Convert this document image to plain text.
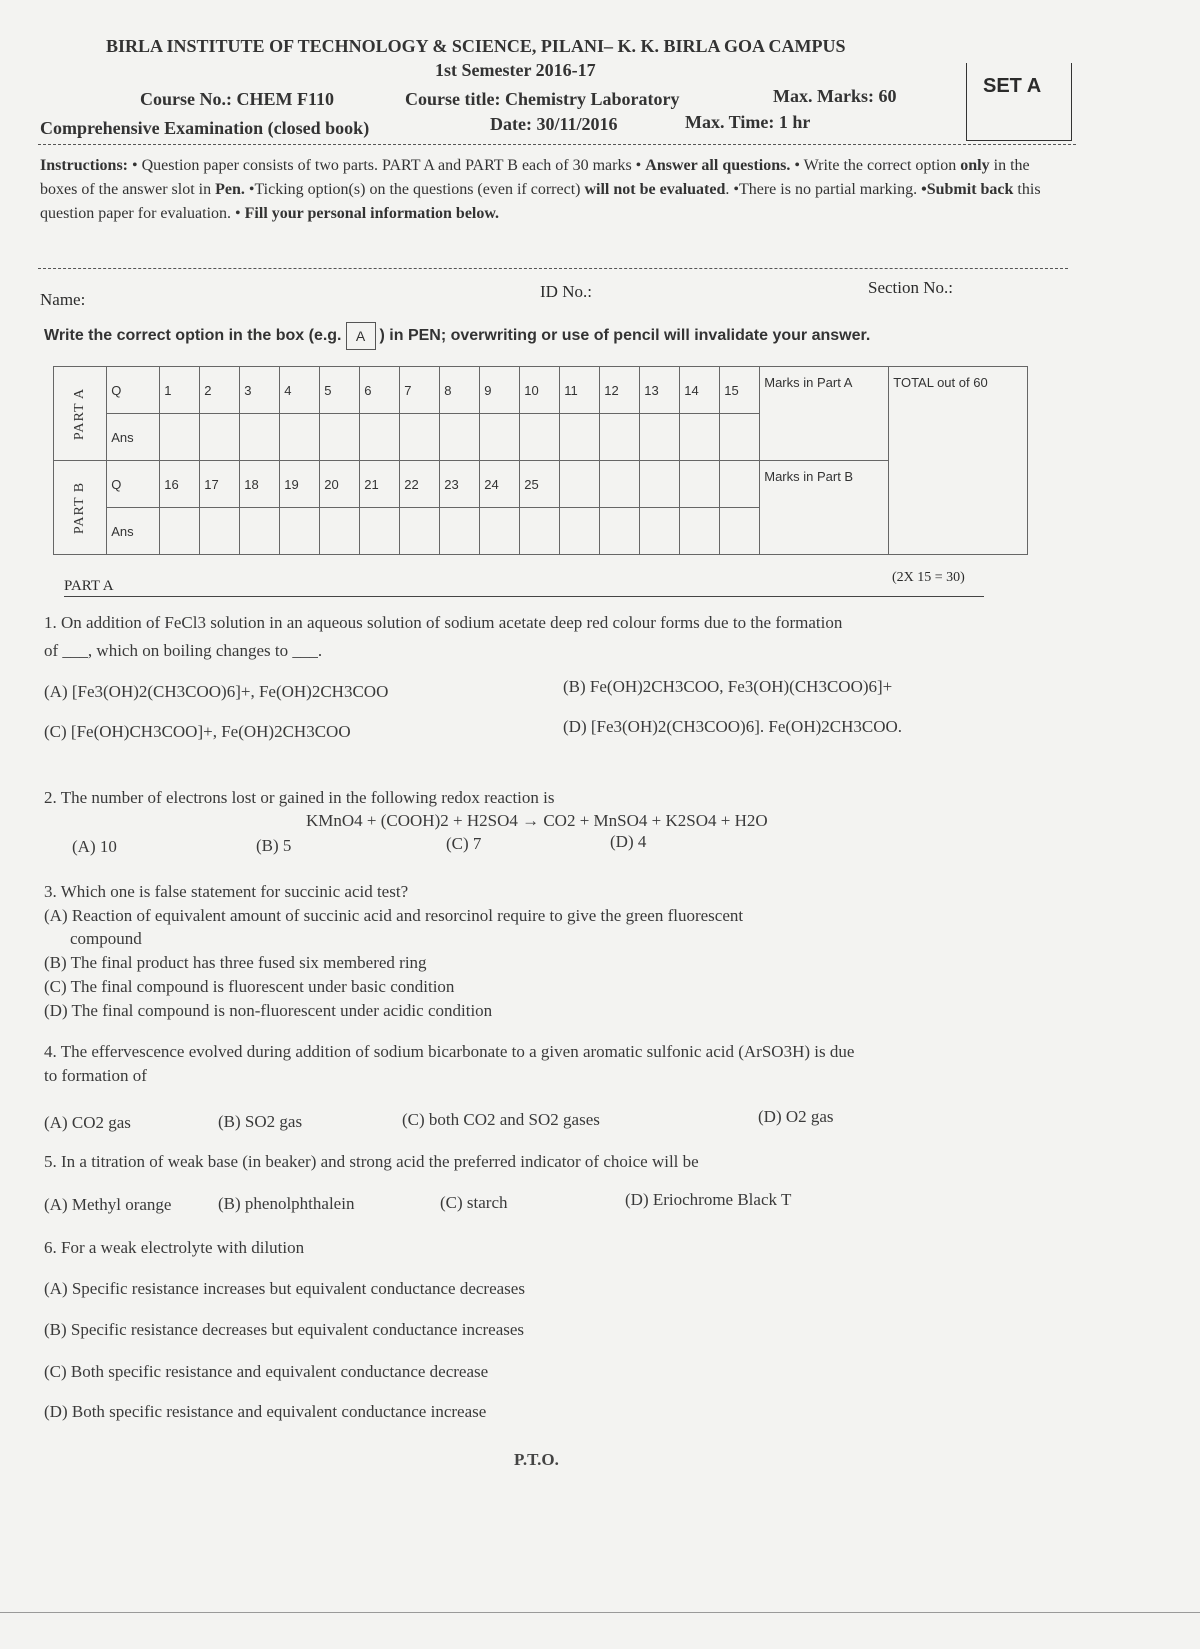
BIRLA INSTITUTE OF TECHNOLOGY & SCIENCE, PILANI– K. K. BIRLA GOA CAMPUS
1st Semester 2016-17
Course No.: CHEM F110	Course title: Chemistry Laboratory	Max. Marks: 60
Comprehensive Examination (closed book)	Date: 30/11/2016	Max. Time: 1 hr
SET A
Instructions: • Question paper consists of two parts. PART A and PART B each of 30 marks • Answer all questions. • Write the correct option only in the boxes of the answer slot in Pen. •Ticking option(s) on the questions (even if correct) will not be evaluated. •There is no partial marking. •Submit back this question paper for evaluation. • Fill your personal information below.
Name:	ID No.:	Section No.:
Write the correct option in the box (e.g. A ) in PEN; overwriting or use of pencil will invalidate your answer.
PART A	Q	1	2	3	4	5	6	7	8	9	10	11	12	13	14	15	Marks in Part A	TOTAL out of 60
	Ans																	
PART B	Q	16	17	18	19	20	21	22	23	24	25						Marks in Part B	
	Ans																	
PART A
(2X 15 = 30)
1. On addition of FeCl3 solution in an aqueous solution of sodium acetate deep red colour forms due to the formation
of ___, which on boiling changes to ___.
(A) [Fe3(OH)2(CH3COO)6]+, Fe(OH)2CH3COO	(B) Fe(OH)2CH3COO, Fe3(OH)(CH3COO)6]+
(C) [Fe(OH)CH3COO]+, Fe(OH)2CH3COO	(D) [Fe3(OH)2(CH3COO)6]. Fe(OH)2CH3COO.
2. The number of electrons lost or gained in the following redox reaction is
KMnO4 + (COOH)2 + H2SO4 → CO2 + MnSO4 + K2SO4 + H2O
(A) 10	(B) 5	(C) 7	(D) 4
3. Which one is false statement for succinic acid test?
(A) Reaction of equivalent amount of succinic acid and resorcinol require to give the green fluorescent
compound
(B) The final product has three fused six membered ring
(C) The final compound is fluorescent under basic condition
(D) The final compound is non-fluorescent under acidic condition
4. The effervescence evolved during addition of sodium bicarbonate to a given aromatic sulfonic acid (ArSO3H) is due
to formation of
(A) CO2 gas	(B) SO2 gas	(C) both CO2 and SO2 gases	(D) O2 gas
5. In a titration of weak base (in beaker) and strong acid the preferred indicator of choice will be
(A) Methyl orange	(B) phenolphthalein	(C) starch	(D) Eriochrome Black T
6. For a weak electrolyte with dilution
(A) Specific resistance increases but equivalent conductance decreases
(B) Specific resistance decreases but equivalent conductance increases
(C) Both specific resistance and equivalent conductance decrease
(D) Both specific resistance and equivalent conductance increase
P.T.O.
